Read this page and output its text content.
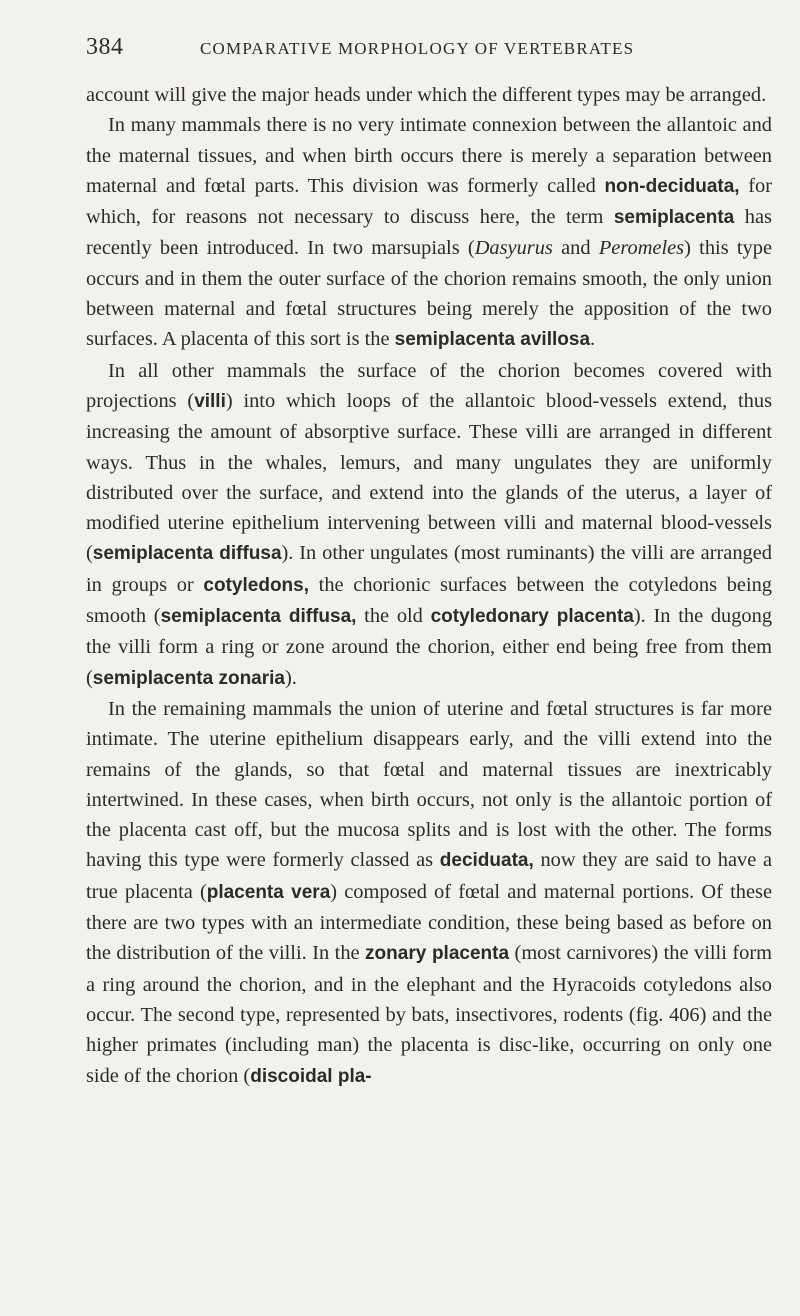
384	COMPARATIVE MORPHOLOGY OF VERTEBRATES

account will give the major heads under which the different types may be arranged.

In many mammals there is no very intimate connexion between the allantoic and the maternal tissues, and when birth occurs there is merely a separation between maternal and fœtal parts. This division was formerly called non-deciduata, for which, for reasons not necessary to discuss here, the term semiplacenta has recently been introduced. In two marsupials (Dasyurus and Peromeles) this type occurs and in them the outer surface of the chorion remains smooth, the only union between maternal and fœtal structures being merely the apposition of the two surfaces. A placenta of this sort is the semiplacenta avillosa.

In all other mammals the surface of the chorion becomes covered with projections (villi) into which loops of the allantoic blood-vessels extend, thus increasing the amount of absorptive surface. These villi are arranged in different ways. Thus in the whales, lemurs, and many ungulates they are uniformly distributed over the surface, and extend into the glands of the uterus, a layer of modified uterine epithelium intervening between villi and maternal blood-vessels (semiplacenta diffusa). In other ungulates (most ruminants) the villi are arranged in groups or cotyledons, the chorionic surfaces between the cotyledons being smooth (semiplacenta diffusa, the old cotyledonary placenta). In the dugong the villi form a ring or zone around the chorion, either end being free from them (semiplacenta zonaria).

In the remaining mammals the union of uterine and fœtal structures is far more intimate. The uterine epithelium disappears early, and the villi extend into the remains of the glands, so that fœtal and maternal tissues are inextricably intertwined. In these cases, when birth occurs, not only is the allantoic portion of the placenta cast off, but the mucosa splits and is lost with the other. The forms having this type were formerly classed as deciduata, now they are said to have a true placenta (placenta vera) composed of fœtal and maternal portions. Of these there are two types with an intermediate condition, these being based as before on the distribution of the villi. In the zonary placenta (most carnivores) the villi form a ring around the chorion, and in the elephant and the Hyracoids cotyledons also occur. The second type, represented by bats, insectivores, rodents (fig. 406) and the higher primates (including man) the placenta is disc-like, occurring on only one side of the chorion (discoidal pla-
